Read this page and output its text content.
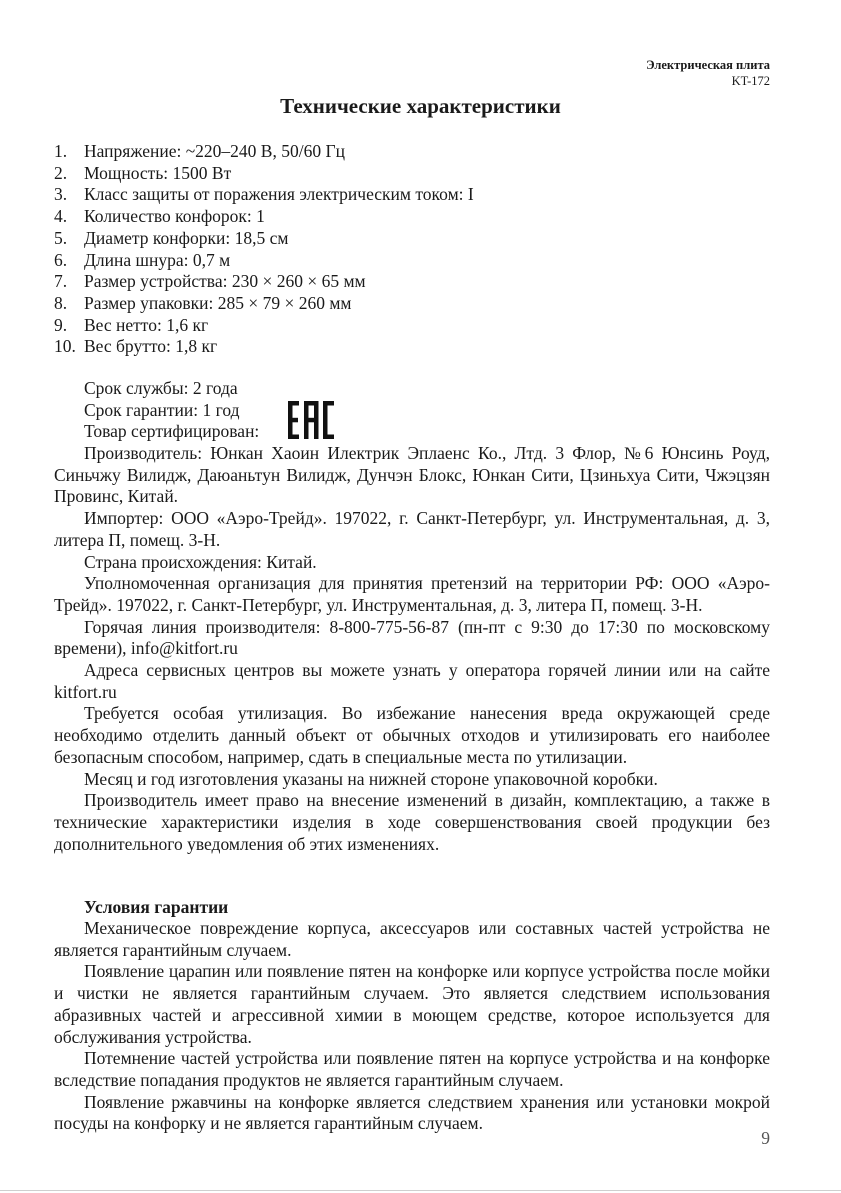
Электрическая плита
KT-172
Технические характеристики
1. Напряжение: ~220–240 В, 50/60 Гц
2. Мощность: 1500 Вт
3. Класс защиты от поражения электрическим током: I
4. Количество конфорок: 1
5. Диаметр конфорки: 18,5 см
6. Длина шнура: 0,7 м
7. Размер устройства: 230 × 260 × 65 мм
8. Размер упаковки: 285 × 79 × 260 мм
9. Вес нетто: 1,6 кг
10. Вес брутто: 1,8 кг
Срок службы: 2 года
Срок гарантии: 1 год
Товар сертифицирован:

Производитель: Юнкан Хаоин Илектрик Эплаенс Ко., Лтд. 3 Флор, №6 Юнсинь Роуд, Синьчжу Вилидж, Даюаньтун Вилидж, Дунчэн Блокс, Юнкан Сити, Цзиньхуа Сити, Чжэцзян Провинс, Китай.

Импортер: ООО «Аэро-Трейд». 197022, г. Санкт-Петербург, ул. Инструментальная, д. 3, литера П, помещ. 3-Н.

Страна происхождения: Китай.

Уполномоченная организация для принятия претензий на территории РФ: ООО «Аэро-Трейд». 197022, г. Санкт-Петербург, ул. Инструментальная, д. 3, литера П, помещ. 3-Н.

Горячая линия производителя: 8-800-775-56-87 (пн-пт с 9:30 до 17:30 по московскому времени), info@kitfort.ru

Адреса сервисных центров вы можете узнать у оператора горячей линии или на сайте kitfort.ru

Требуется особая утилизация. Во избежание нанесения вреда окружающей среде необходимо отделить данный объект от обычных отходов и утилизировать его наиболее безопасным способом, например, сдать в специальные места по утилизации.

Месяц и год изготовления указаны на нижней стороне упаковочной коробки.

Производитель имеет право на внесение изменений в дизайн, комплектацию, а также в технические характеристики изделия в ходе совершенствования своей продукции без дополнительного уведомления об этих изменениях.

Условия гарантии

Механическое повреждение корпуса, аксессуаров или составных частей устройства не является гарантийным случаем.

Появление царапин или появление пятен на конфорке или корпусе устройства после мойки и чистки не является гарантийным случаем. Это является следствием использования абразивных частей и агрессивной химии в моющем средстве, которое используется для обслуживания устройства.

Потемнение частей устройства или появление пятен на корпусе устройства и на конфорке вследствие попадания продуктов не является гарантийным случаем.

Появление ржавчины на конфорке является следствием хранения или установки мокрой посуды на конфорку и не является гарантийным случаем.

9
